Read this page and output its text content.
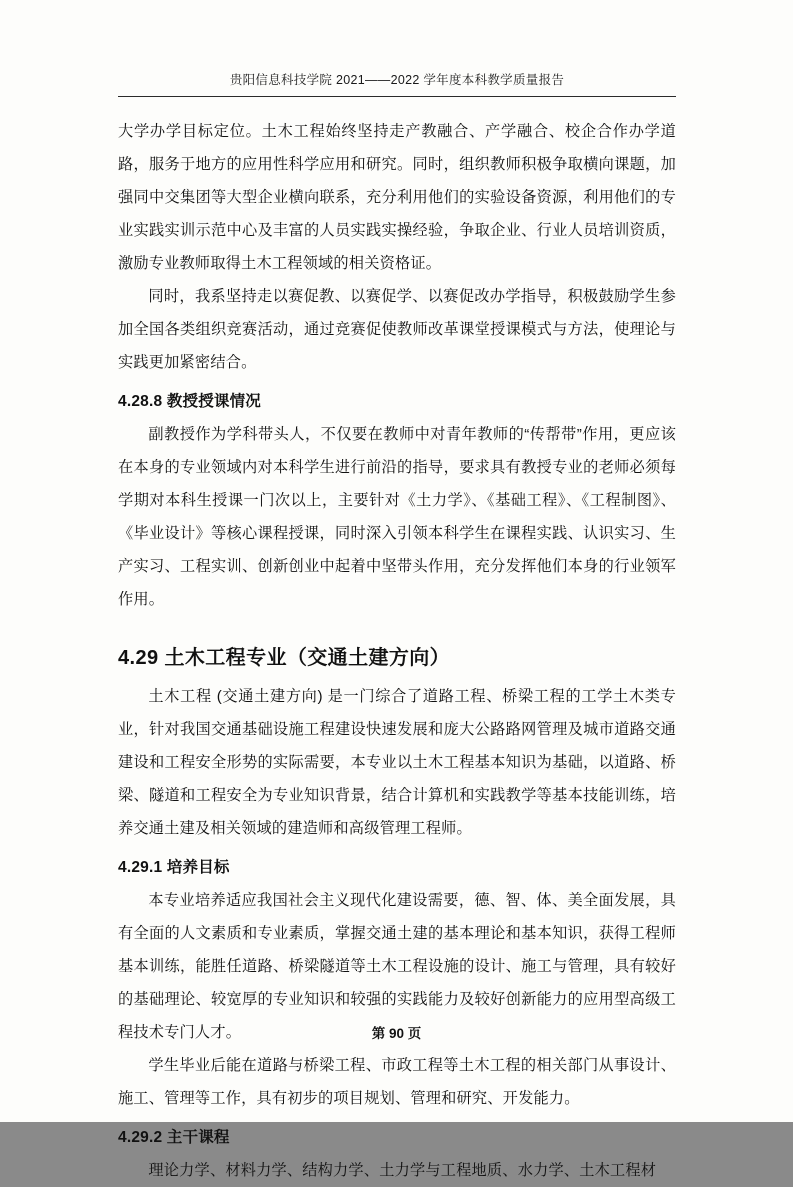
贵阳信息科技学院 2021——2022 学年度本科教学质量报告

大学办学目标定位。土木工程始终坚持走产教融合、产学融合、校企合作办学道路，服务于地方的应用性科学应用和研究。同时，组织教师积极争取横向课题，加强同中交集团等大型企业横向联系，充分利用他们的实验设备资源，利用他们的专业实践实训示范中心及丰富的人员实践实操经验，争取企业、行业人员培训资质，激励专业教师取得土木工程领域的相关资格证。

同时，我系坚持走以赛促教、以赛促学、以赛促改办学指导，积极鼓励学生参加全国各类组织竞赛活动，通过竞赛促使教师改革课堂授课模式与方法，使理论与实践更加紧密结合。

4.28.8 教授授课情况

副教授作为学科带头人，不仅要在教师中对青年教师的“传帮带”作用，更应该在本身的专业领域内对本科学生进行前沿的指导，要求具有教授专业的老师必须每学期对本科生授课一门次以上，主要针对《土力学》、《基础工程》、《工程制图》、《毕业设计》等核心课程授课，同时深入引领本科学生在课程实践、认识实习、生产实习、工程实训、创新创业中起着中坚带头作用，充分发挥他们本身的行业领军作用。

4.29 土木工程专业（交通土建方向）

土木工程 (交通土建方向) 是一门综合了道路工程、桥梁工程的工学土木类专业，针对我国交通基础设施工程建设快速发展和庞大公路路网管理及城市道路交通建设和工程安全形势的实际需要，本专业以土木工程基本知识为基础，以道路、桥梁、隧道和工程安全为专业知识背景，结合计算机和实践教学等基本技能训练，培养交通土建及相关领域的建造师和高级管理工程师。

4.29.1 培养目标

本专业培养适应我国社会主义现代化建设需要，德、智、体、美全面发展，具有全面的人文素质和专业素质，掌握交通土建的基本理论和基本知识，获得工程师基本训练，能胜任道路、桥梁隧道等土木工程设施的设计、施工与管理，具有较好的基础理论、较宽厚的专业知识和较强的实践能力及较好创新能力的应用型高级工程技术专门人才。

学生毕业后能在道路与桥梁工程、市政工程等土木工程的相关部门从事设计、施工、管理等工作，具有初步的项目规划、管理和研究、开发能力。

4.29.2 主干课程

理论力学、材料力学、结构力学、土力学与工程地质、水力学、土木工程材

第 90 页
